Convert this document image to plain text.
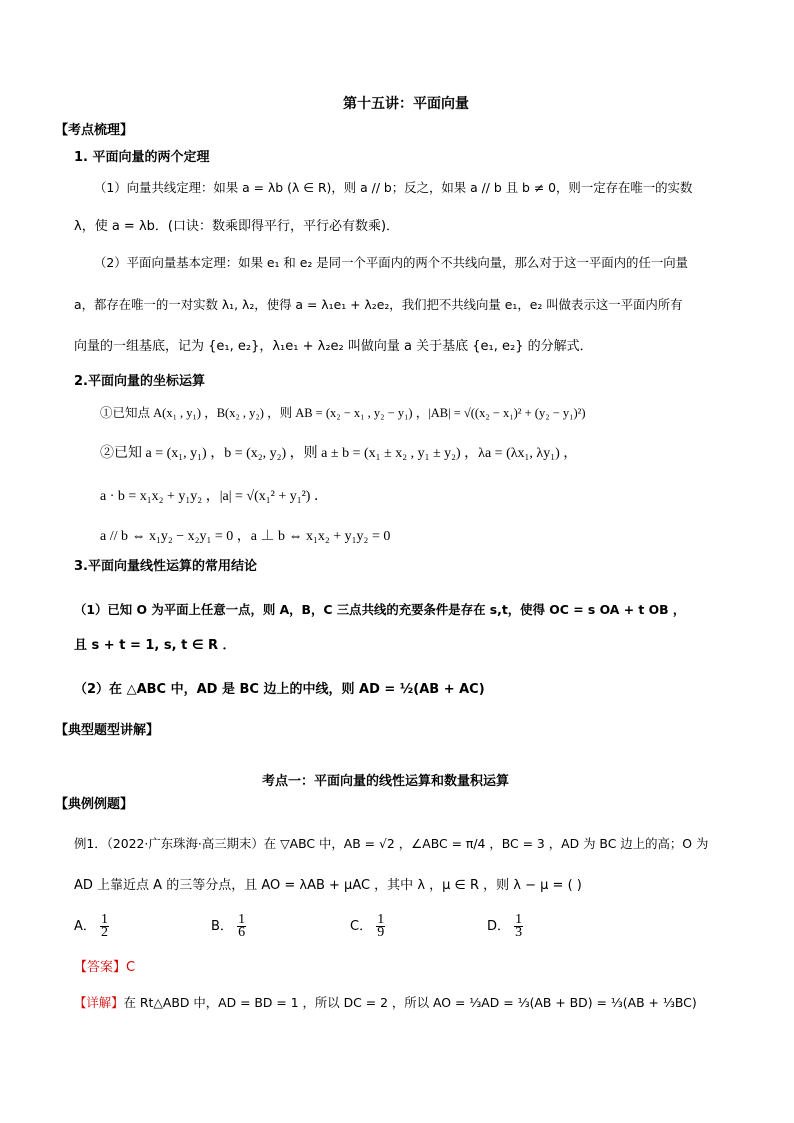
第十五讲：平面向量
【考点梳理】
1. 平面向量的两个定理
（1）向量共线定理：如果 a = λb (λ ∈ R)，则 a // b；反之，如果 a // b 且 b ≠ 0，则一定存在唯一的实数
λ，使 a = λb．(口诀：数乘即得平行，平行必有数乘)．
（2）平面向量基本定理：如果 e₁ 和 e₂ 是同一个平面内的两个不共线向量，那么对于这一平面内的任一向量
a，都存在唯一的一对实数 λ₁, λ₂，使得 a = λ₁e₁ + λ₂e₂，我们把不共线向量 e₁，e₂ 叫做表示这一平面内所有
向量的一组基底，记为 {e₁, e₂}，λ₁e₁ + λ₂e₂ 叫做向量 a 关于基底 {e₁, e₂} 的分解式．
2.平面向量的坐标运算
①已知点 A(x₁ , y₁) ，B(x₂ , y₂) ，则 AB = (x₂ − x₁ , y₂ − y₁) ，|AB| = √((x₂ − x₁)² + (y₂ − y₁)²)
②已知 a = (x₁, y₁) ，b = (x₂, y₂) ，则 a ± b = (x₁ ± x₂ , y₁ ± y₂) ，λa = (λx₁, λy₁) ，
a · b = x₁x₂ + y₁y₂ ，|a| = √(x₁² + y₁²) ．
a // b ⇔ x₁y₂ − x₂y₁ = 0 ，a ⊥ b ⇔ x₁x₂ + y₁y₂ = 0
3.平面向量线性运算的常用结论
（1）已知 O 为平面上任意一点，则 A，B，C 三点共线的充要条件是存在 s,t，使得 OC = s OA + t OB ，
且 s + t = 1, s, t ∈ R ．
（2）在 △ABC 中，AD 是 BC 边上的中线，则 AD = ½(AB + AC)
【典型题型讲解】
考点一：平面向量的线性运算和数量积运算
【典例例题】
例1．（2022·广东珠海·高三期末）在 ▽ABC 中，AB = √2 ，∠ABC = π/4 ，BC = 3 ，AD 为 BC 边上的高；O 为
AD 上靠近点 A 的三等分点，且 AO = λAB + μAC ，其中 λ ，μ ∈ R ，则 λ − μ = ( )
A． $\frac{1}{2}$	B． $\frac{1}{6}$	C． $\frac{1}{9}$	D． $\frac{1}{3}$
【答案】C
【详解】在 Rt△ABD 中，AD = BD = 1 ，所以 DC = 2 ，所以 AO = ⅓AD = ⅓(AB + BD) = ⅓(AB + ⅓BC)
